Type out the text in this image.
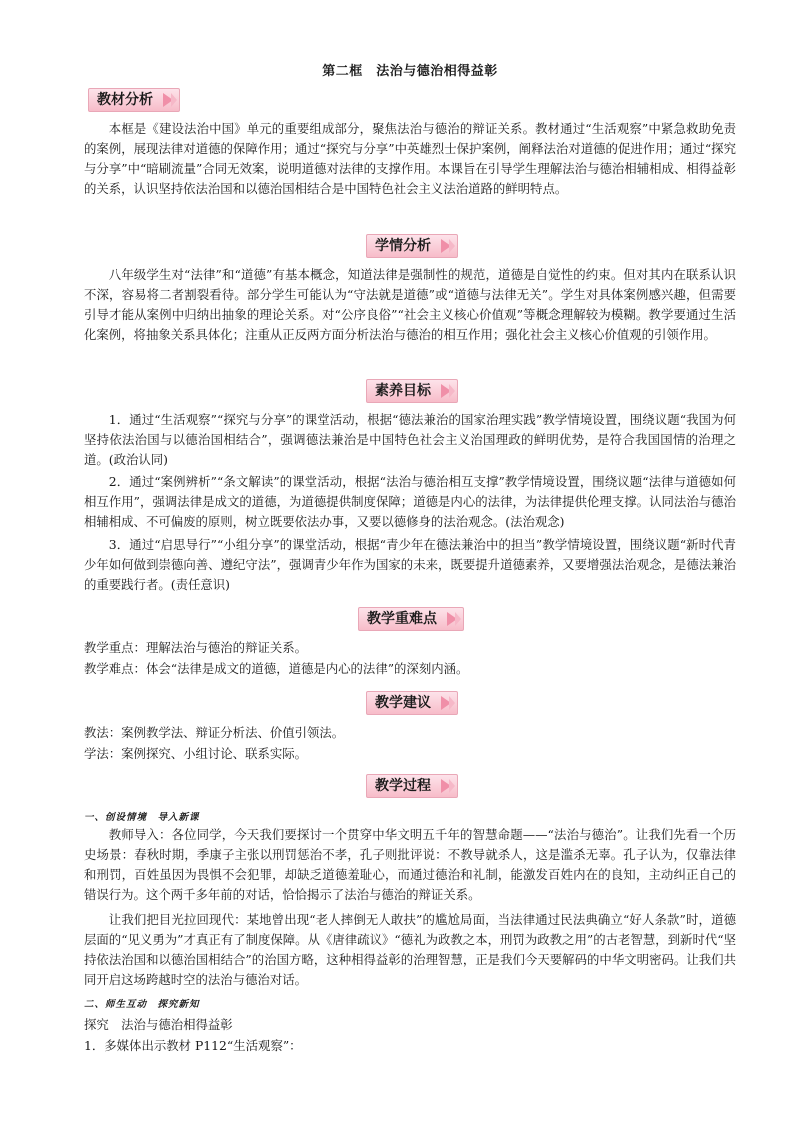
第二框　法治与德治相得益彰
教材分析
本框是《建设法治中国》单元的重要组成部分，聚焦法治与德治的辩证关系。教材通过“生活观察”中紧急救助免责的案例，展现法律对道德的保障作用；通过“探究与分享”中英雄烈士保护案例，阐释法治对道德的促进作用；通过“探究与分享”中“暗刷流量”合同无效案，说明道德对法律的支撑作用。本课旨在引导学生理解法治与德治相辅相成、相得益彰的关系，认识坚持依法治国和以德治国相结合是中国特色社会主义法治道路的鲜明特点。
学情分析
八年级学生对“法律”和“道德”有基本概念，知道法律是强制性的规范，道德是自觉性的约束。但对其内在联系认识不深，容易将二者割裂看待。部分学生可能认为“守法就是道德”或“道德与法律无关”。学生对具体案例感兴趣，但需要引导才能从案例中归纳出抽象的理论关系。对“公序良俗”“社会主义核心价值观”等概念理解较为模糊。教学要通过生活化案例，将抽象关系具体化；注重从正反两方面分析法治与德治的相互作用；强化社会主义核心价值观的引领作用。
素养目标
1．通过“生活观察”“探究与分享”的课堂活动，根据“德法兼治的国家治理实践”教学情境设置，围绕议题“我国为何坚持依法治国与以德治国相结合”，强调德法兼治是中国特色社会主义治国理政的鲜明优势，是符合我国国情的治理之道。(政治认同)
2．通过“案例辨析”“条文解读”的课堂活动，根据“法治与德治相互支撑”教学情境设置，围绕议题“法律与道德如何相互作用”，强调法律是成文的道德，为道德提供制度保障；道德是内心的法律，为法律提供伦理支撑。认同法治与德治相辅相成、不可偏废的原则，树立既要依法办事，又要以德修身的法治观念。(法治观念)
3．通过“启思导行”“小组分享”的课堂活动，根据“青少年在德法兼治中的担当”教学情境设置，围绕议题“新时代青少年如何做到崇德向善、遵纪守法”，强调青少年作为国家的未来，既要提升道德素养，又要增强法治观念，是德法兼治的重要践行者。(责任意识)
教学重难点
教学重点：理解法治与德治的辩证关系。
教学难点：体会“法律是成文的道德，道德是内心的法律”的深刻内涵。
教学建议
教法：案例教学法、辩证分析法、价值引领法。
学法：案例探究、小组讨论、联系实际。
教学过程
一、创设情境　导入新课
教师导入：各位同学，今天我们要探讨一个贯穿中华文明五千年的智慧命题——“法治与德治”。让我们先看一个历史场景：春秋时期，季康子主张以刑罚惩治不孝，孔子则批评说：不教导就杀人，这是滥杀无辜。孔子认为，仅靠法律和刑罚，百姓虽因为畏惧不会犯罪，却缺乏道德羞耻心，而通过德治和礼制，能激发百姓内在的良知，主动纠正自己的错误行为。这个两千多年前的对话，恰恰揭示了法治与德治的辩证关系。
让我们把目光拉回现代：某地曾出现“老人摔倒无人敢扶”的尴尬局面，当法律通过民法典确立“好人条款”时，道德层面的“见义勇为”才真正有了制度保障。从《唐律疏议》“德礼为政教之本，刑罚为政教之用”的古老智慧，到新时代“坚持依法治国和以德治国相结合”的治国方略，这种相得益彰的治理智慧，正是我们今天要解码的中华文明密码。让我们共同开启这场跨越时空的法治与德治对话。
二、师生互动　探究新知
探究　法治与德治相得益彰
1．多媒体出示教材 P112“生活观察”：
